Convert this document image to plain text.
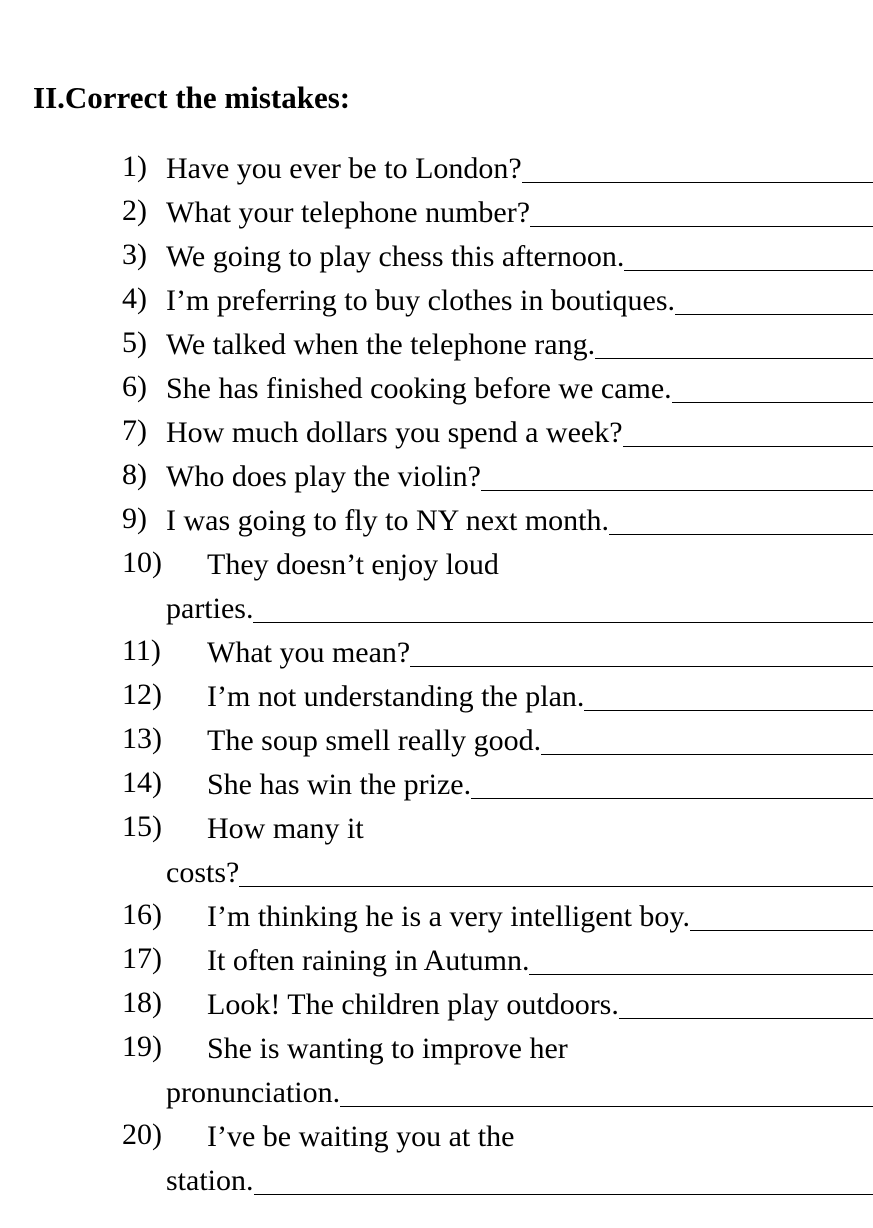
II.Correct the mistakes:
1) Have you ever be to London?
2) What your telephone number?
3) We going to play chess this afternoon.
4) I’m preferring to buy clothes in boutiques.
5) We talked when the telephone rang.
6) She has finished cooking before we came.
7) How much dollars you spend a week?
8) Who does play the violin?
9) I was going to fly to NY next month.
10) They doesn’t enjoy loud
parties.
11) What you mean?
12) I’m not understanding the plan.
13) The soup smell really good.
14) She has win the prize.
15) How many it
costs?
16) I’m thinking he is a very intelligent boy.
17) It often raining in Autumn.
18) Look! The children play outdoors.
19) She is wanting to improve her
pronunciation.
20) I’ve be waiting you at the
station.
